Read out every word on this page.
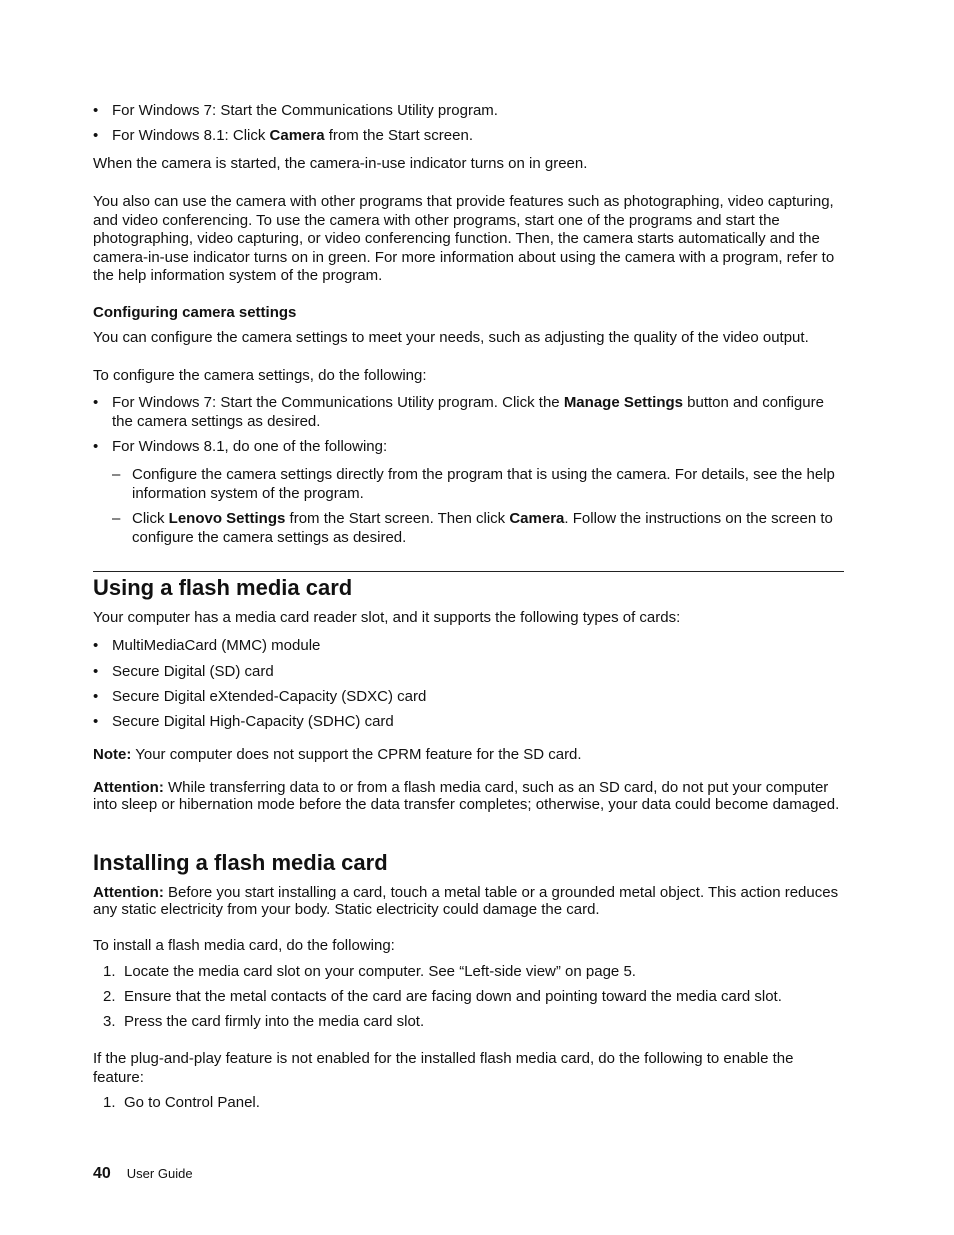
• For Windows 7: Start the Communications Utility program.
• For Windows 8.1: Click Camera from the Start screen.
When the camera is started, the camera-in-use indicator turns on in green.
You also can use the camera with other programs that provide features such as photographing, video capturing, and video conferencing. To use the camera with other programs, start one of the programs and start the photographing, video capturing, or video conferencing function. Then, the camera starts automatically and the camera-in-use indicator turns on in green. For more information about using the camera with a program, refer to the help information system of the program.
Configuring camera settings
You can configure the camera settings to meet your needs, such as adjusting the quality of the video output.
To configure the camera settings, do the following:
• For Windows 7: Start the Communications Utility program. Click the Manage Settings button and configure the camera settings as desired.
• For Windows 8.1, do one of the following:
– Configure the camera settings directly from the program that is using the camera. For details, see the help information system of the program.
– Click Lenovo Settings from the Start screen. Then click Camera. Follow the instructions on the screen to configure the camera settings as desired.
Using a flash media card
Your computer has a media card reader slot, and it supports the following types of cards:
• MultiMediaCard (MMC) module
• Secure Digital (SD) card
• Secure Digital eXtended-Capacity (SDXC) card
• Secure Digital High-Capacity (SDHC) card
Note: Your computer does not support the CPRM feature for the SD card.
Attention: While transferring data to or from a flash media card, such as an SD card, do not put your computer into sleep or hibernation mode before the data transfer completes; otherwise, your data could become damaged.
Installing a flash media card
Attention: Before you start installing a card, touch a metal table or a grounded metal object. This action reduces any static electricity from your body. Static electricity could damage the card.
To install a flash media card, do the following:
1. Locate the media card slot on your computer. See “Left-side view” on page 5.
2. Ensure that the metal contacts of the card are facing down and pointing toward the media card slot.
3. Press the card firmly into the media card slot.
If the plug-and-play feature is not enabled for the installed flash media card, do the following to enable the feature:
1. Go to Control Panel.
40 User Guide
